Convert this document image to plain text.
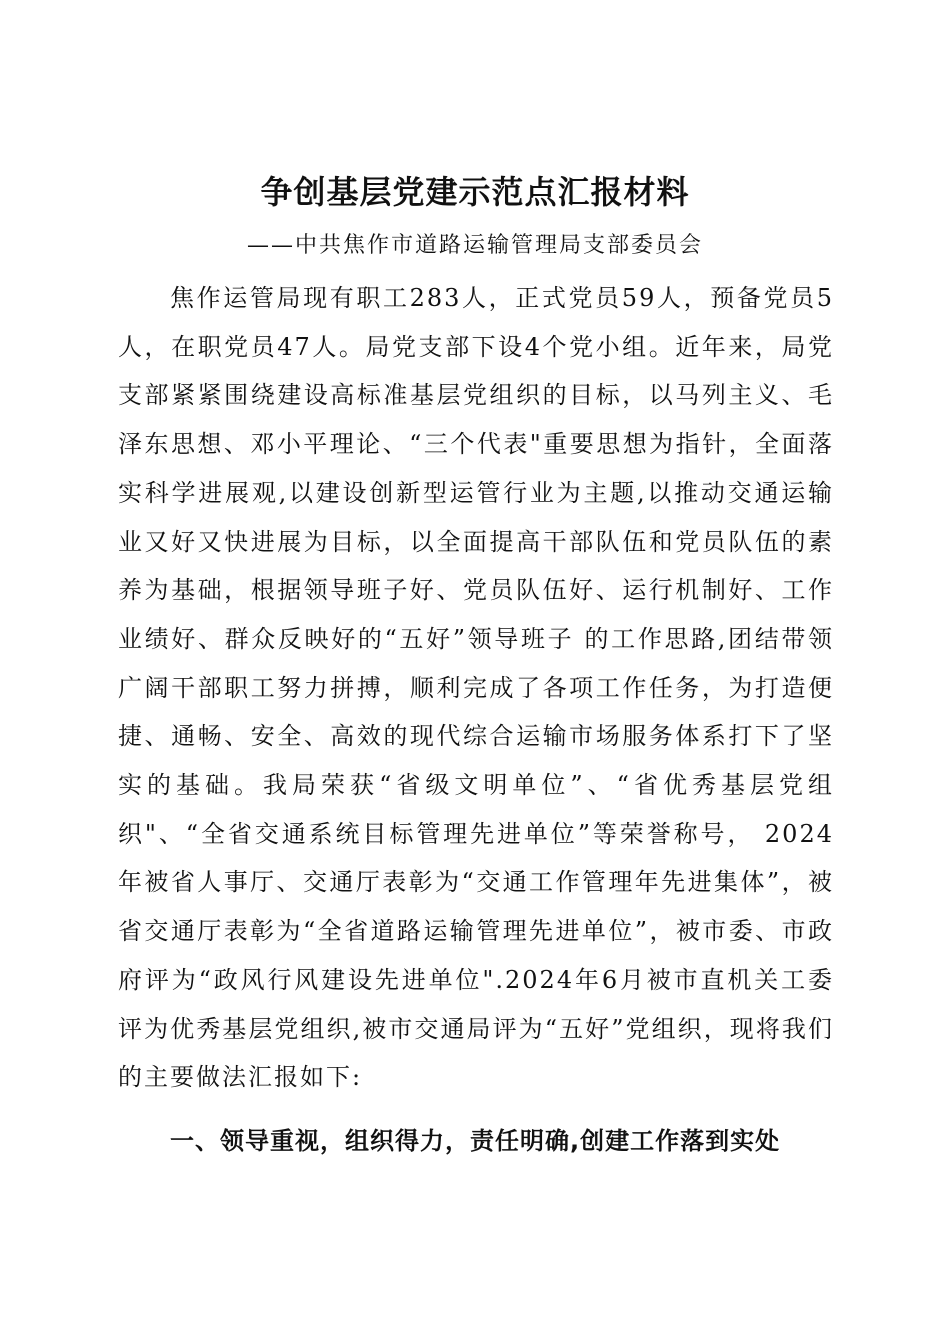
争创基层党建示范点汇报材料

——中共焦作市道路运输管理局支部委员会

焦作运管局现有职工283人，正式党员59人，预备党员5人，在职党员47人。局党支部下设4个党小组。近年来，局党支部紧紧围绕建设高标准基层党组织的目标，以马列主义、毛泽东思想、邓小平理论、“三个代表"重要思想为指针，全面落实科学进展观,以建设创新型运管行业为主题,以推动交通运输业又好又快进展为目标，以全面提高干部队伍和党员队伍的素养为基础，根据领导班子好、党员队伍好、运行机制好、工作业绩好、群众反映好的“五好”领导班子 的工作思路,团结带领广阔干部职工努力拼搏，顺利完成了各项工作任务，为打造便捷、通畅、安全、高效的现代综合运输市场服务体系打下了坚实的基础。我局荣获“省级文明单位”、“省优秀基层党组织"、“全省交通系统目标管理先进单位”等荣誉称号， 2024年被省人事厅、交通厅表彰为“交通工作管理年先进集体”，被省交通厅表彰为“全省道路运输管理先进单位”，被市委、市政府评为“政风行风建设先进单位".2024年6月被市直机关工委评为优秀基层党组织,被市交通局评为“五好”党组织，现将我们的主要做法汇报如下:

一、领导重视，组织得力，责任明确,创建工作落到实处
